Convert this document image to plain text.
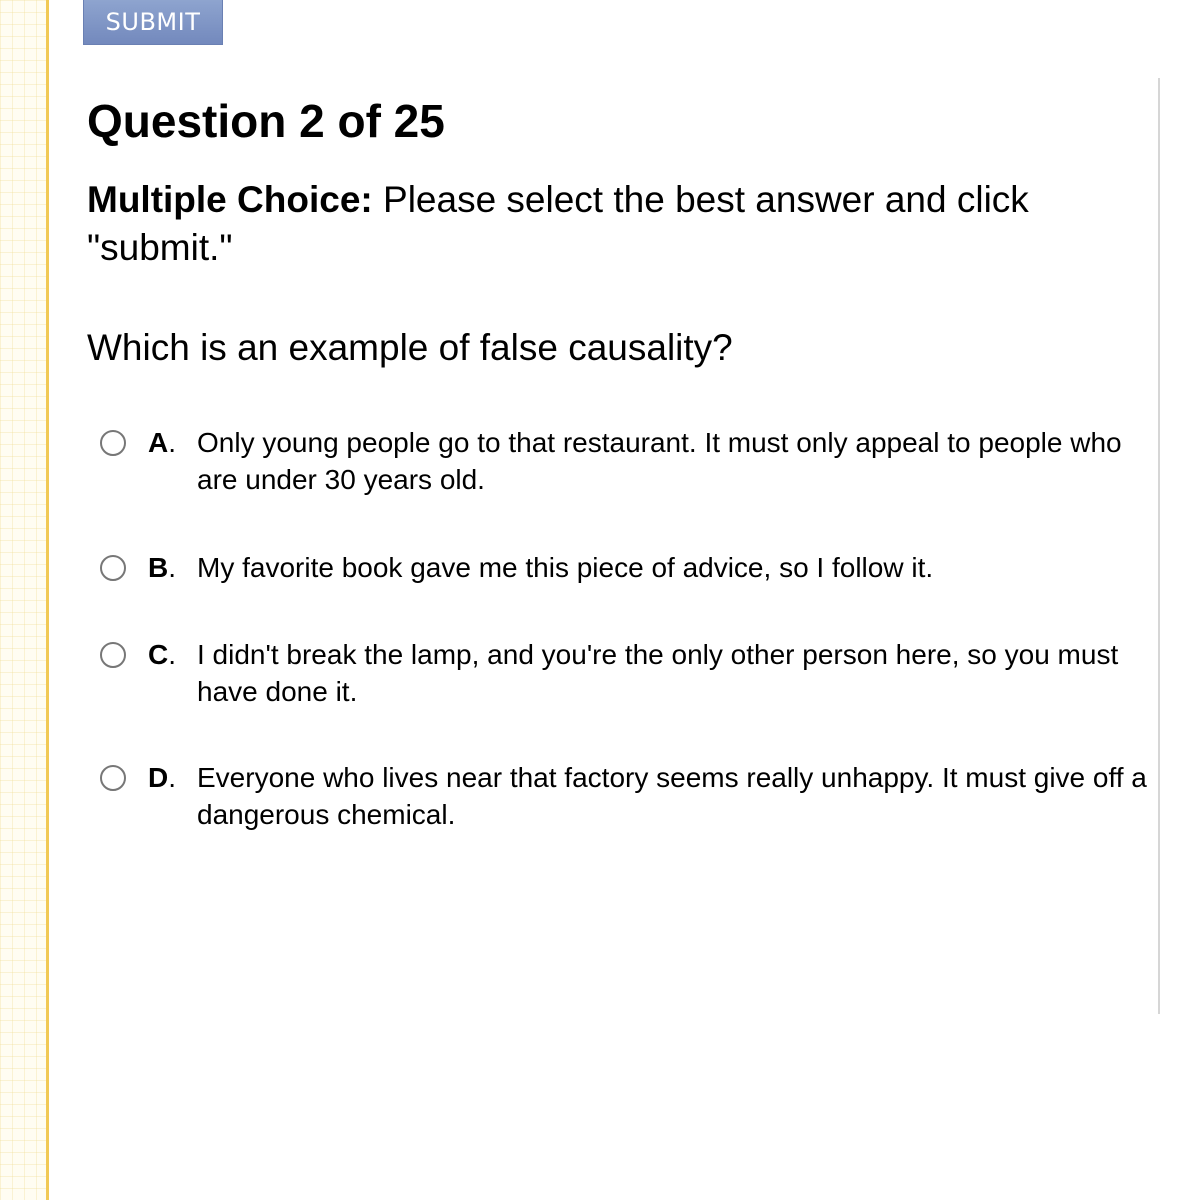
SUBMIT
Question 2 of 25

Multiple Choice: Please select the best answer and click "submit."

Which is an example of false causality?

A. Only young people go to that restaurant. It must only appeal to people who are under 30 years old.
B. My favorite book gave me this piece of advice, so I follow it.
C. I didn't break the lamp, and you're the only other person here, so you must have done it.
D. Everyone who lives near that factory seems really unhappy. It must give off a dangerous chemical.
